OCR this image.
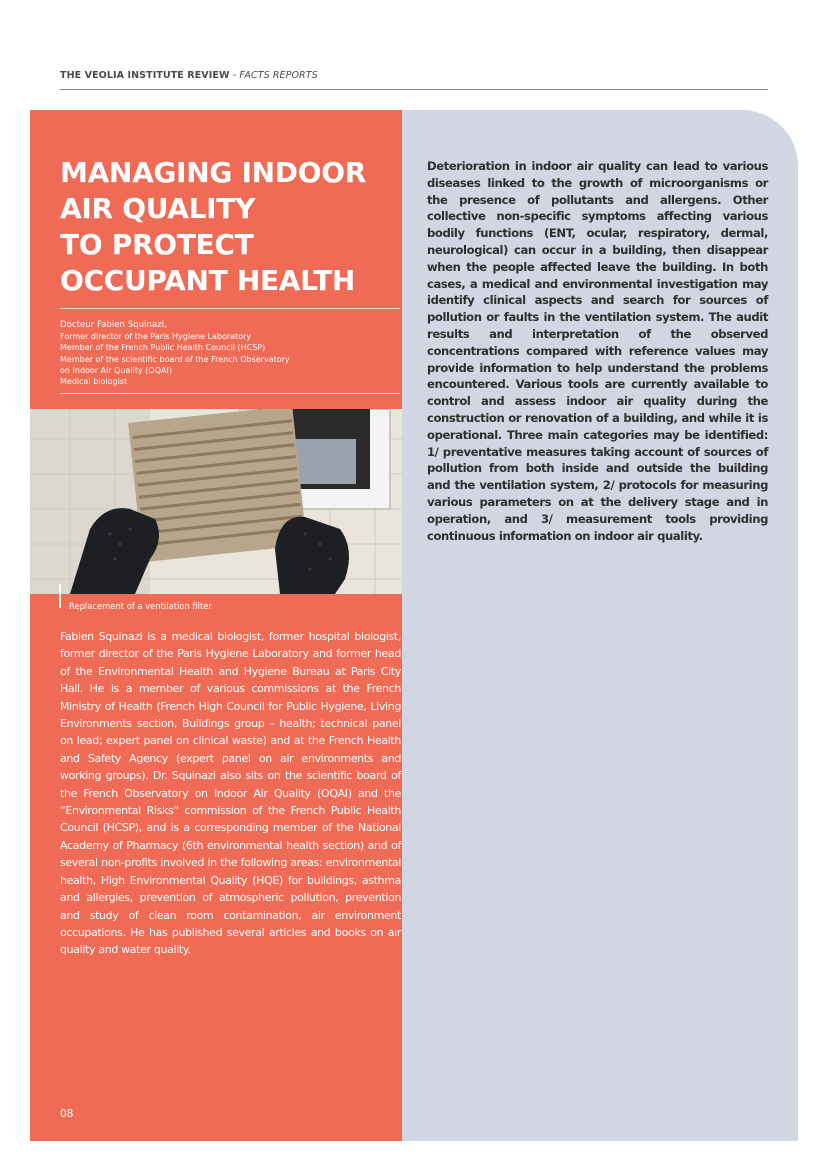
THE VEOLIA INSTITUTE REVIEW - FACTS REPORTS
MANAGING INDOOR
AIR QUALITY
TO PROTECT
OCCUPANT HEALTH
Docteur Fabien Squinazi,
Former director of the Paris Hygiene Laboratory
Member of the French Public Health Council (HCSP)
Member of the scientific board of the French Observatory
on Indoor Air Quality (OQAI)
Medical biologist
Replacement of a ventilation filter

Fabien Squinazi is a medical biologist, former hospital biologist, former director of the Paris Hygiene Laboratory and former head of the Environmental Health and Hygiene Bureau at Paris City Hall. He is a member of various commissions at the French Ministry of Health (French High Council for Public Hygiene, Living Environments section, Buildings group – health; technical panel on lead; expert panel on clinical waste) and at the French Health and Safety Agency (expert panel on air environments and working groups). Dr. Squinazi also sits on the scientific board of the French Observatory on Indoor Air Quality (OQAI) and the “Environmental Risks” commission of the French Public Health Council (HCSP), and is a corresponding member of the National Academy of Pharmacy (6th environmental health section) and of several non-profits involved in the following areas: environmental health, High Environmental Quality (HQE) for buildings, asthma and allergies, prevention of atmospheric pollution, prevention and study of clean room contamination, air environment occupations. He has published several articles and books on air quality and water quality.

08

Deterioration in indoor air quality can lead to various diseases linked to the growth of microorganisms or the presence of pollutants and allergens. Other collective non-specific symptoms affecting various bodily functions (ENT, ocular, respiratory, dermal, neurological) can occur in a building, then disappear when the people affected leave the building. In both cases, a medical and environmental investigation may identify clinical aspects and search for sources of pollution or faults in the ventilation system. The audit results and interpretation of the observed concentrations compared with reference values may provide information to help understand the problems encountered. Various tools are currently available to control and assess indoor air quality during the construction or renovation of a building, and while it is operational. Three main categories may be identified: 1/ preventative measures taking account of sources of pollution from both inside and outside the building and the ventilation system, 2/ protocols for measuring various parameters on at the delivery stage and in operation, and 3/ measurement tools providing continuous information on indoor air quality.
